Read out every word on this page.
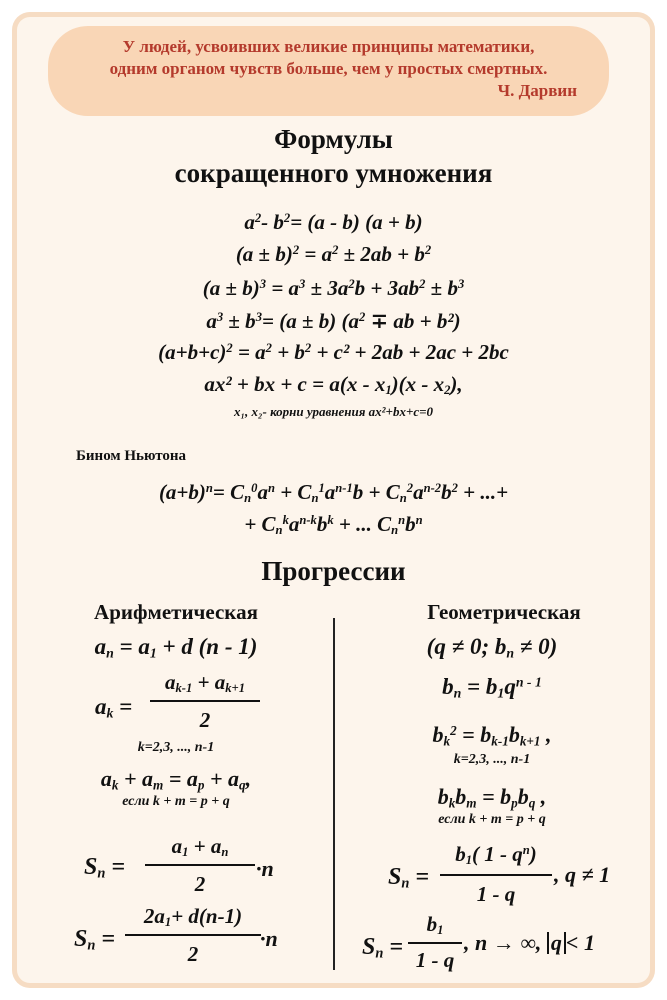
У людей, усвоивших великие принципы математики,
одним органом чувств больше, чем у простых смертных.
Ч. Дарвин
Формулы
сокращенного умножения
$a^2-$ $b^2= (a - b) (a + b)$
$(a \pm b)^2 = a^2 \pm 2ab + b^2$
$(a \pm b)^3 = a^3 \pm 3a^2b + 3ab^2 \pm b^3$
$a^3 \pm b^3= (a \pm b) (a^2$ ∓ ab + b²)
$(a+b+c)^2 = a^2 + b^2 + c^2 + 2ab + 2ac + 2bc$
ax² + bx + $c = a(x - x_1)(x - x_2)$,
x₁, x₂- корни уравнения ax²+bx+c=0
Бином Ньютона
$(a+b)^n= C_n^0a^n + C_n^1a^{n-1}b + C_n^2a^{n-2}b^2$ + ...+
+ $C_n^ka^{n-k}b^k$ + ... $C_n^nb^n$
Прогрессии
Арифметическая	Геометрическая
$a_n = a_1 + d$ (n - 1)
$a_k$ =
$a_{k-1} + a_{k+1}$
2
k=2,3, ..., n-1
$a_k + a_m = a_p + a_q$,
если k + m = p + q
$S_n$ =
$a_1 + a_n$
2
·n
$S_n$ =
$2a_1+ d(n-1)$
2
·n
(q ≠ 0; $b_n \ne 0$)
$b_n = b_1q^{n - 1}$
$b_k^2 = b_{k-1}b_{k+1}$ ,
k=2,3, ..., n-1
$b_kb_m = b_pb_q$ ,
если k + m = p + q
$S_n$ =
$b_1$( $1 - q^n$)
1 - q
, q ≠ 1
$S_n$ =
$b_1$
1 - q
, n → ∞, q < 1
